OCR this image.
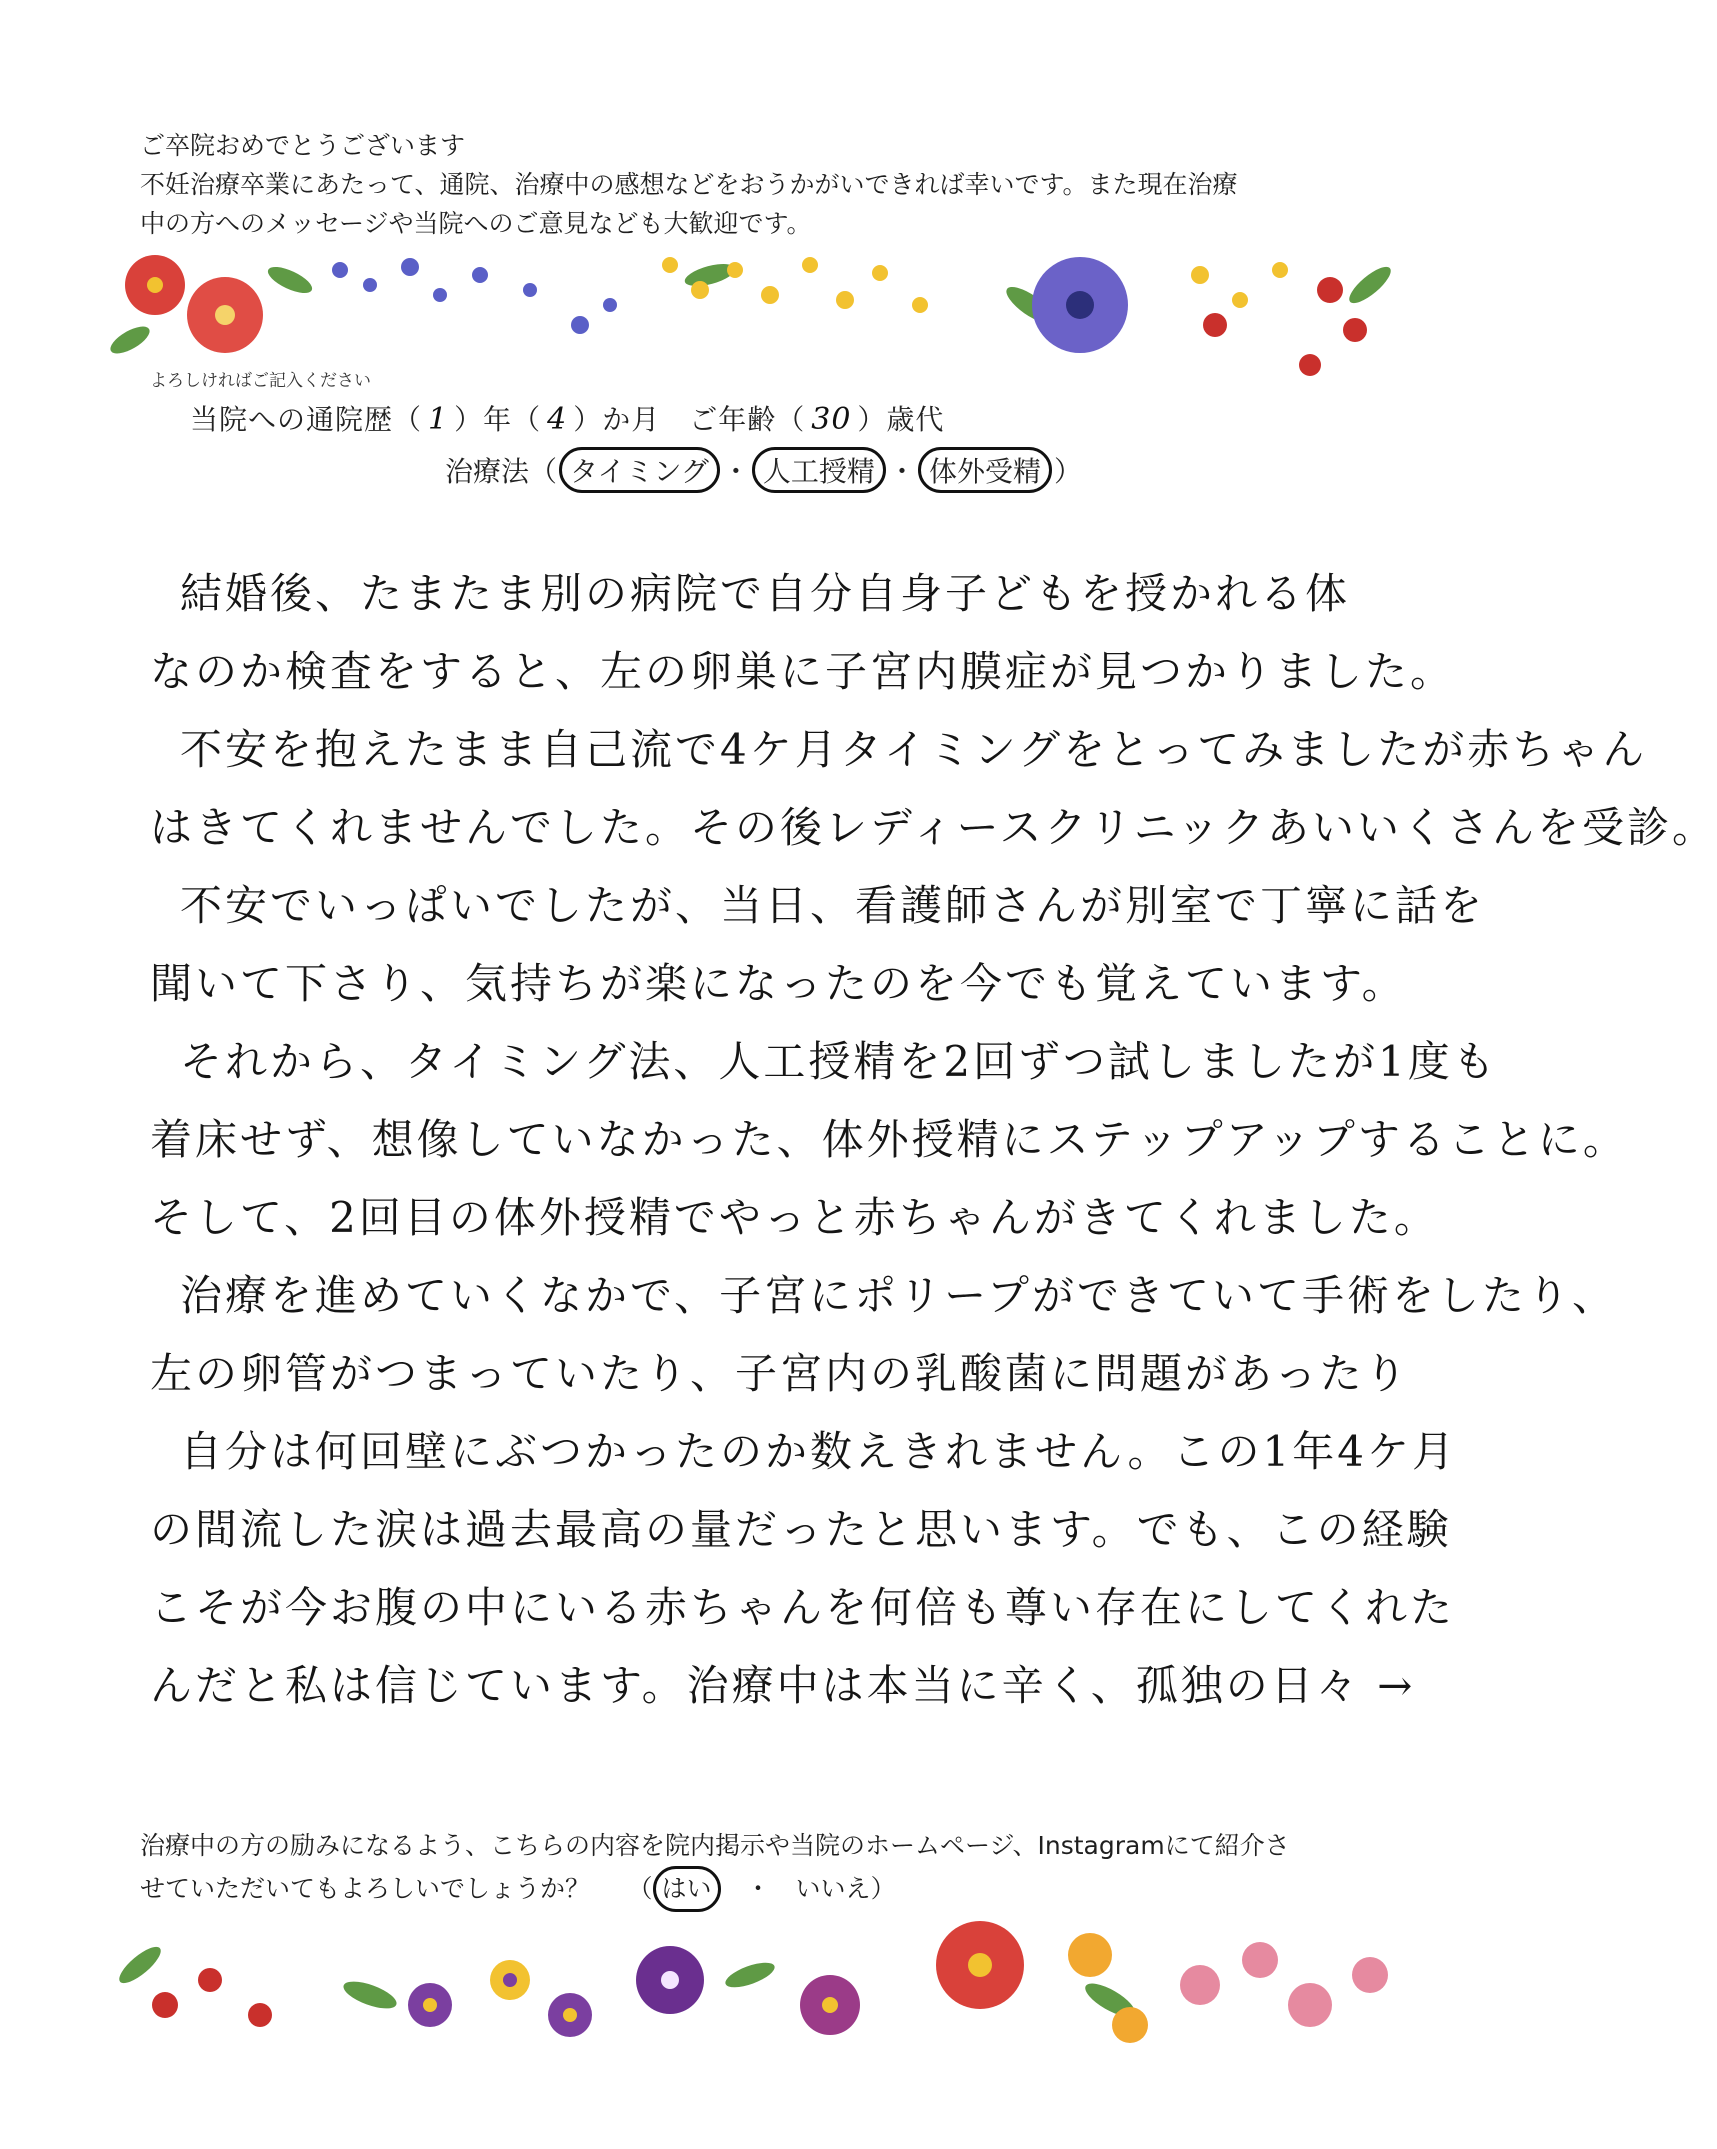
ご卒院おめでとうございます
不妊治療卒業にあたって、通院、治療中の感想などをおうかがいできれば幸いです。また現在治療
中の方へのメッセージや当院へのご意見なども大歓迎です。
よろしければご記入ください
当院への通院歴（ 1 ）年（ 4 ）か月　ご年齢（ 30 ）歳代
治療法（ タイミング ・ 人工授精 ・ 体外受精 ）
結婚後、たまたま別の病院で自分自身子どもを授かれる体
なのか検査をすると、左の卵巣に子宮内膜症が見つかりました。
不安を抱えたまま自己流で4ケ月タイミングをとってみましたが赤ちゃん
はきてくれませんでした。その後レディースクリニックあいいくさんを受診。
不安でいっぱいでしたが、当日、看護師さんが別室で丁寧に話を
聞いて下さり、気持ちが楽になったのを今でも覚えています。
それから、タイミング法、人工授精を2回ずつ試しましたが1度も
着床せず、想像していなかった、体外授精にステップアップすることに。
そして、2回目の体外授精でやっと赤ちゃんがきてくれました。
治療を進めていくなかで、子宮にポリープができていて手術をしたり、
左の卵管がつまっていたり、子宮内の乳酸菌に問題があったり
自分は何回壁にぶつかったのか数えきれません。この1年4ケ月
の間流した涙は過去最高の量だったと思います。でも、この経験
こそが今お腹の中にいる赤ちゃんを何倍も尊い存在にしてくれた
んだと私は信じています。治療中は本当に辛く、孤独の日々 →
治療中の方の励みになるよう、こちらの内容を院内掲示や当院のホームページ、Instagramにて紹介さ
せていただいてもよろしいでしょうか？　　（ はい　・　いいえ）
